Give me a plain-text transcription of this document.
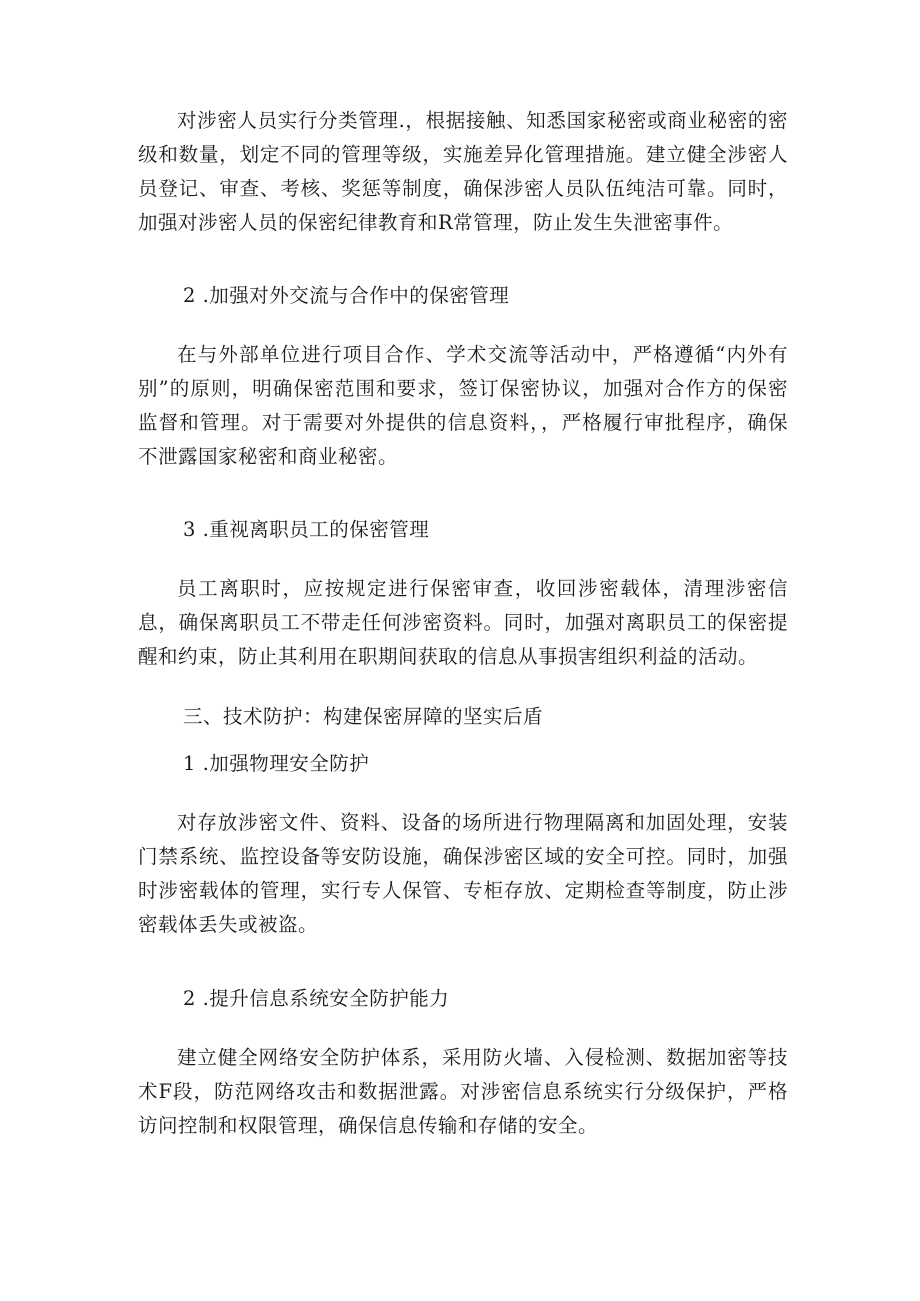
对涉密人员实行分类管理.，根据接触、知悉国家秘密或商业秘密的密级和数量，划定不同的管理等级，实施差异化管理措施。建立健全涉密人员登记、审查、考核、奖惩等制度，确保涉密人员队伍纯洁可靠。同时，加强对涉密人员的保密纪律教育和R常管理，防止发生失泄密事件。

2 .加强对外交流与合作中的保密管理

在与外部单位进行项目合作、学术交流等活动中，严格遵循“内外有别”的原则，明确保密范围和要求，签订保密协议，加强对合作方的保密监督和管理。对于需要对外提供的信息资料，，严格履行审批程序，确保不泄露国家秘密和商业秘密。

3 .重视离职员工的保密管理

员工离职时，应按规定进行保密审查，收回涉密载体，清理涉密信息，确保离职员工不带走任何涉密资料。同时，加强对离职员工的保密提醒和约束，防止其利用在职期间获取的信息从事损害组织利益的活动。

三、技术防护：构建保密屏障的坚实后盾

1 .加强物理安全防护

对存放涉密文件、资料、设备的场所进行物理隔离和加固处理，安装门禁系统、监控设备等安防设施，确保涉密区域的安全可控。同时，加强时涉密载体的管理，实行专人保管、专柜存放、定期检查等制度，防止涉密载体丢失或被盗。

2 .提升信息系统安全防护能力

建立健全网络安全防护体系，采用防火墙、入侵检测、数据加密等技术F段，防范网络攻击和数据泄露。对涉密信息系统实行分级保护，严格访问控制和权限管理，确保信息传输和存储的安全。
